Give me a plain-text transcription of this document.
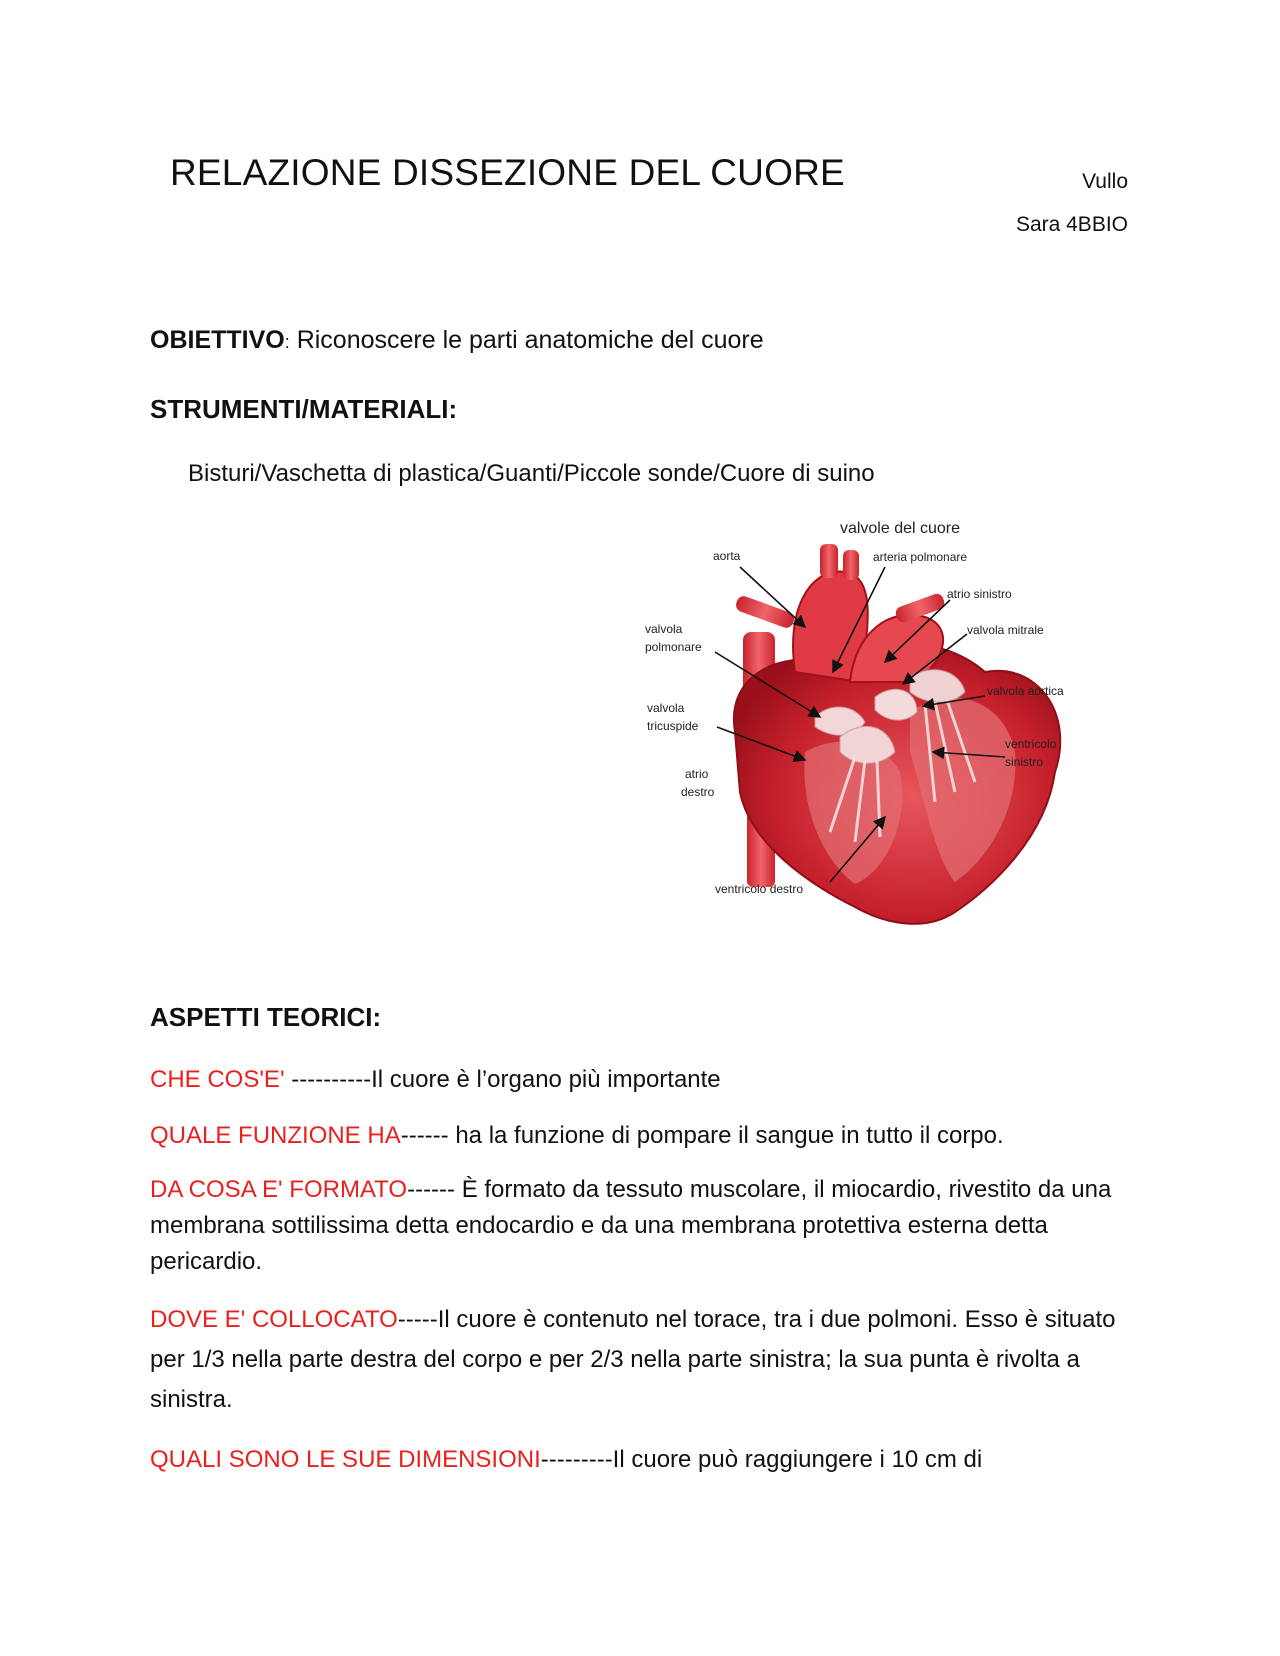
RELAZIONE DISSEZIONE DEL CUORE	Vullo
Sara 4BBIO
OBIETTIVO: Riconoscere le parti anatomiche del cuore
STRUMENTI/MATERIALI:
Bisturi/Vaschetta di plastica/Guanti/Piccole sonde/Cuore di suino
valvole del cuore
aorta	arteria polmonare
atrio sinistro
valvola mitrale
valvola aortica
ventricolo
sinistro
valvola
polmonare
valvola
tricuspide
atrio
destro
ventricolo destro
ASPETTI TEORICI:
CHE COS'E' ----------Il cuore è l’organo più importante
QUALE FUNZIONE HA------ ha la funzione di pompare il sangue in tutto il corpo.
DA COSA E' FORMATO------ È formato da tessuto muscolare, il miocardio, rivestito da una membrana sottilissima detta endocardio e da una membrana protettiva esterna detta pericardio.
DOVE E' COLLOCATO-----Il cuore è contenuto nel torace, tra i due polmoni. Esso è situato per 1/3 nella parte destra del corpo e per 2/3 nella parte sinistra; la sua punta è rivolta a sinistra.
QUALI SONO LE SUE DIMENSIONI---------Il cuore può raggiungere i 10 cm di
